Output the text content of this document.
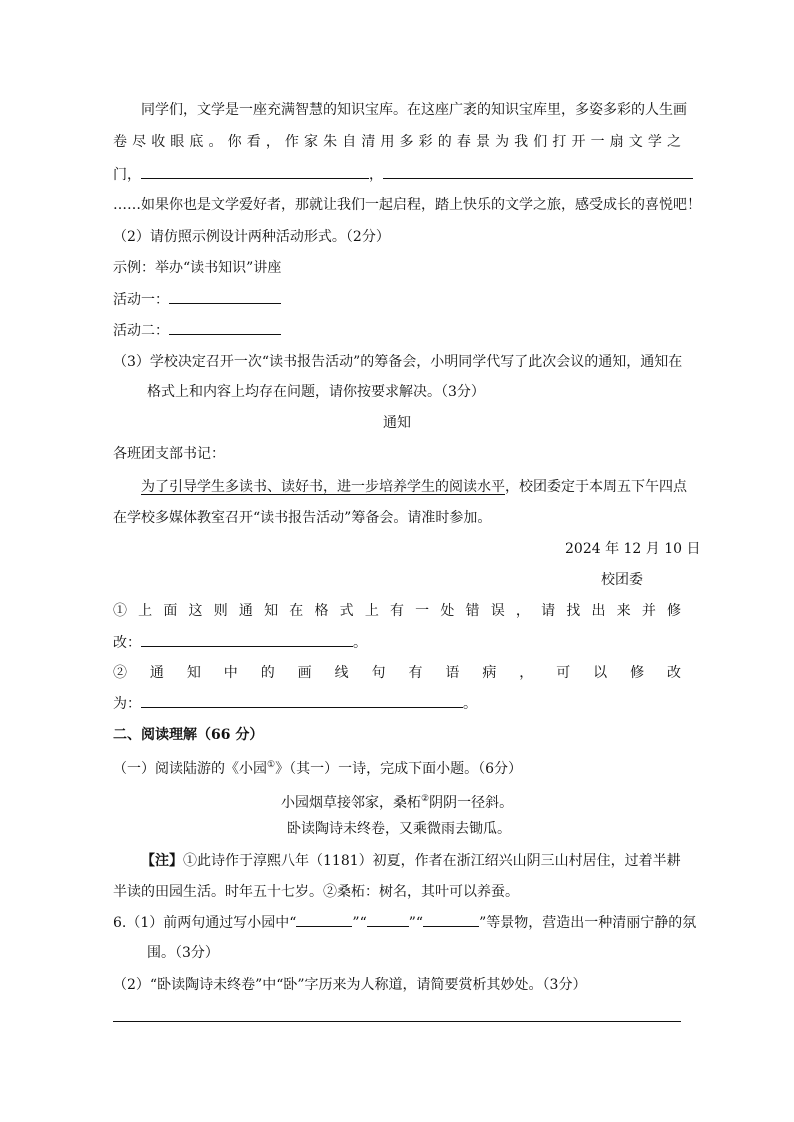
同学们，文学是一座充满智慧的知识宝库。在这座广袤的知识宝库里，多姿多彩的人生画
卷尽收眼底。你看，作家朱自清用多彩的春景为我们打开一扇文学之
门，	，
……如果你也是文学爱好者，那就让我们一起启程，踏上快乐的文学之旅，感受成长的喜悦吧！
（2）请仿照示例设计两种活动形式。（2分）
示例：举办“读书知识”讲座
活动一：
活动二：
（3）学校决定召开一次“读书报告活动”的筹备会，小明同学代写了此次会议的通知，通知在
格式上和内容上均存在问题，请你按要求解决。（3分）
通知
各班团支部书记：
为了引导学生多读书、读好书，进一步培养学生的阅读水平，校团委定于本周五下午四点
在学校多媒体教室召开“读书报告活动”筹备会。请准时参加。
2024 年 12 月 10 日
校团委
①上面这则通知在格式上有一处错误，请找出来并修
改：	。
②通知中的画线句有语病，可以修改
为：	。
二、阅读理解（66 分）
（一）阅读陆游的《小园①》（其一）一诗，完成下面小题。（6分）
小园烟草接邻家，桑柘②阴阴一径斜。
卧读陶诗未终卷，又乘微雨去锄瓜。
【注】①此诗作于淳熙八年（1181）初夏，作者在浙江绍兴山阴三山村居住，过着半耕
半读的田园生活。时年五十七岁。②桑柘：树名，其叶可以养蚕。
6.（1）前两句通过写小园中“	”“	”“	”等景物，营造出一种清丽宁静的氛
围。（3分）
（2）“卧读陶诗未终卷”中“卧”字历来为人称道，请简要赏析其妙处。（3分）
